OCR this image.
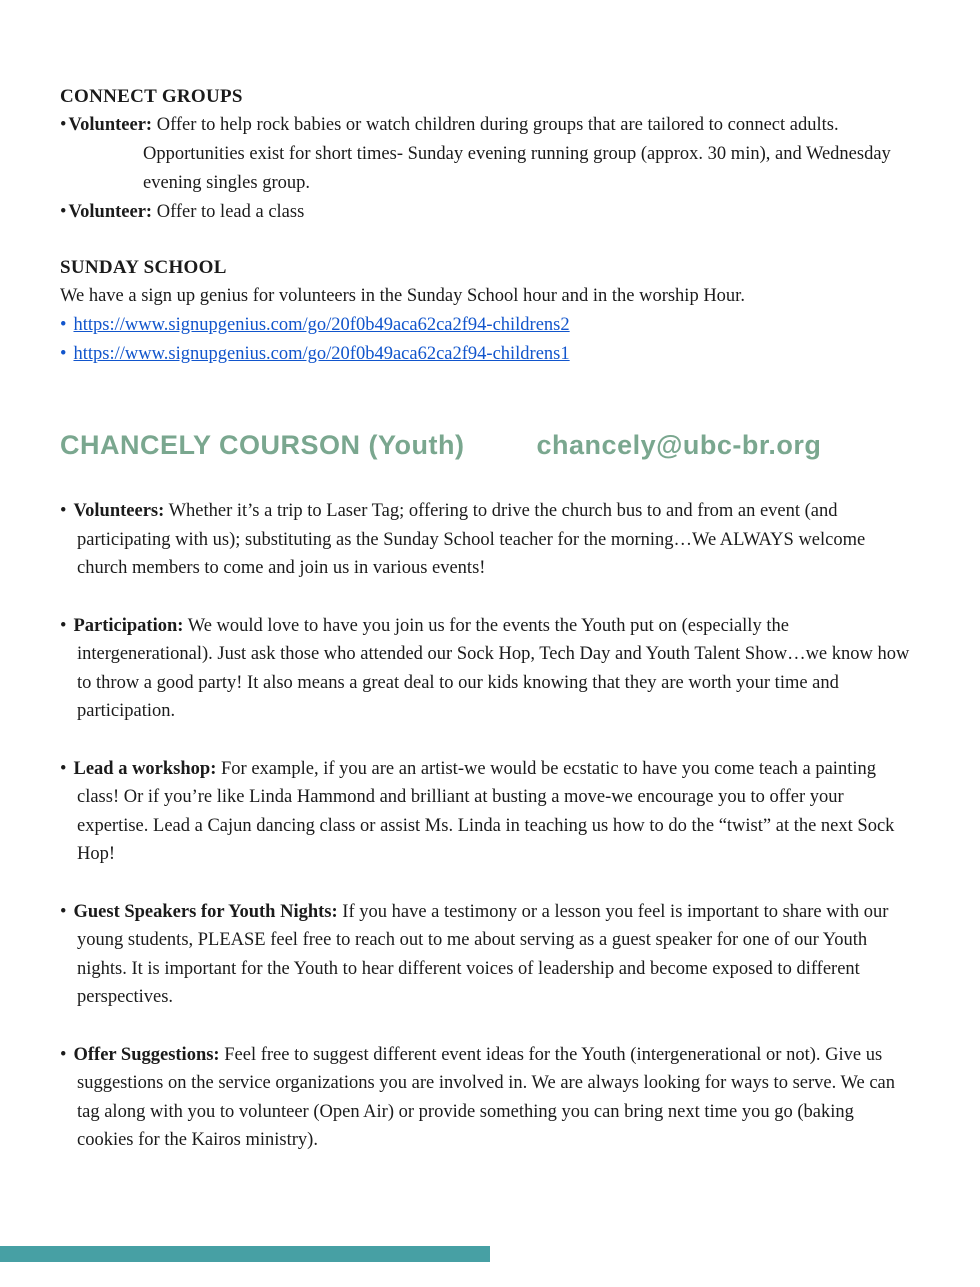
CONNECT GROUPS
• Volunteer: Offer to help rock babies or watch children during groups that are tailored to connect adults. Opportunities exist for short times- Sunday evening running group (approx. 30 min), and Wednesday evening singles group.
• Volunteer: Offer to lead a class
SUNDAY SCHOOL

We have a sign up genius for volunteers in the Sunday School hour and in the worship Hour.

• https://www.signupgenius.com/go/20f0b49aca62ca2f94-childrens2
• https://www.signupgenius.com/go/20f0b49aca62ca2f94-childrens1
CHANCELY COURSON (Youth)	chancely@ubc-br.org
• Volunteers: Whether it’s a trip to Laser Tag; offering to drive the church bus to and from an event (and participating with us); substituting as the Sunday School teacher for the morning…We ALWAYS welcome church members to come and join us in various events!
• Participation: We would love to have you join us for the events the Youth put on (especially the intergenerational). Just ask those who attended our Sock Hop, Tech Day and Youth Talent Show…we know how to throw a good party! It also means a great deal to our kids knowing that they are worth your time and participation.
• Lead a workshop: For example, if you are an artist-we would be ecstatic to have you come teach a painting class! Or if you’re like Linda Hammond and brilliant at busting a move-we encourage you to offer your expertise. Lead a Cajun dancing class or assist Ms. Linda in teaching us how to do the “twist” at the next Sock Hop!
• Guest Speakers for Youth Nights: If you have a testimony or a lesson you feel is important to share with our young students, PLEASE feel free to reach out to me about serving as a guest speaker for one of our Youth nights. It is important for the Youth to hear different voices of leadership and become exposed to different perspectives.
• Offer Suggestions: Feel free to suggest different event ideas for the Youth (intergenerational or not). Give us suggestions on the service organizations you are involved in. We are always looking for ways to serve. We can tag along with you to volunteer (Open Air) or provide something you can bring next time you go (baking cookies for the Kairos ministry).
